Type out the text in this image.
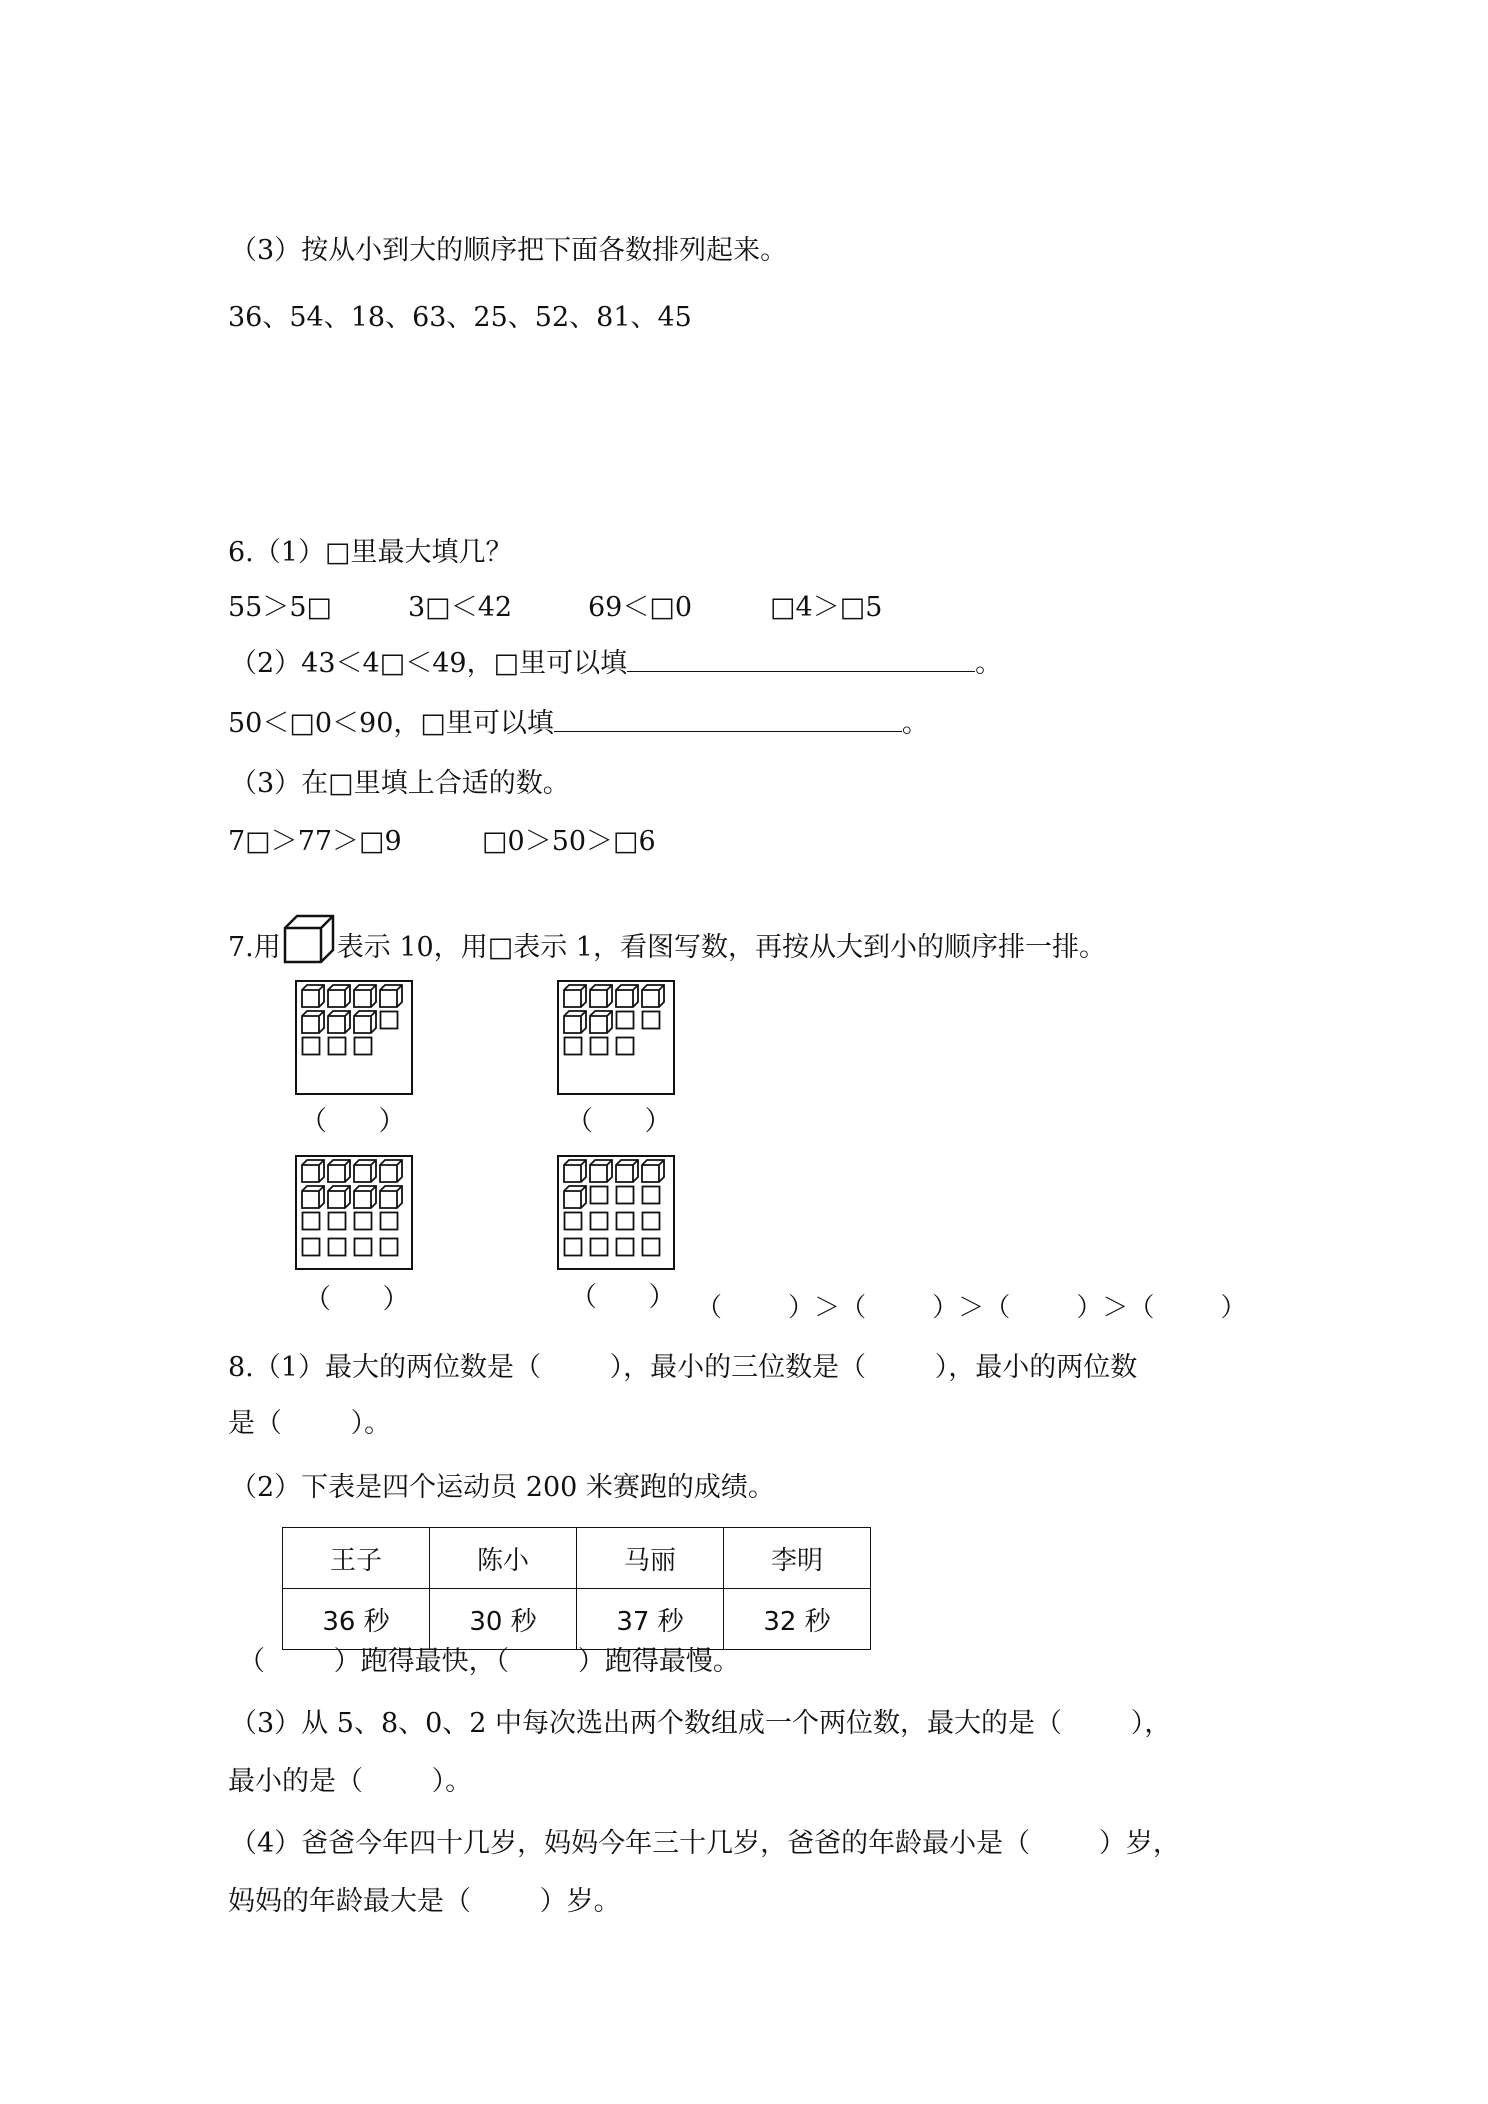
（3）按从小到大的顺序把下面各数排列起来。
36、54、18、63、25、52、81、45
6.（1）□里最大填几？
55＞5□	3□＜42	69＜□0	□4＞□5
（2）43＜4□＜49，□里可以填	。
50＜□0＜90，□里可以填	。
（3）在□里填上合适的数。
7□＞77＞□9	□0＞50＞□6
7.用 表示 10，用□表示 1，看图写数，再按从大到小的顺序排一排。
（      ）	（      ）
（      ）	（      ） （        ）＞（        ）＞（        ）＞（        ）
8.（1）最大的两位数是（        ），最小的三位数是（        ），最小的两位数
是（        ）。
（2）下表是四个运动员 200 米赛跑的成绩。
王子	陈小	马丽	李明
36 秒	30 秒	37 秒	32 秒
（        ）跑得最快，（        ）跑得最慢。
（3）从 5、8、0、2 中每次选出两个数组成一个两位数，最大的是（        ），
最小的是（        ）。
（4）爸爸今年四十几岁，妈妈今年三十几岁，爸爸的年龄最小是（        ）岁，
妈妈的年龄最大是（        ）岁。
